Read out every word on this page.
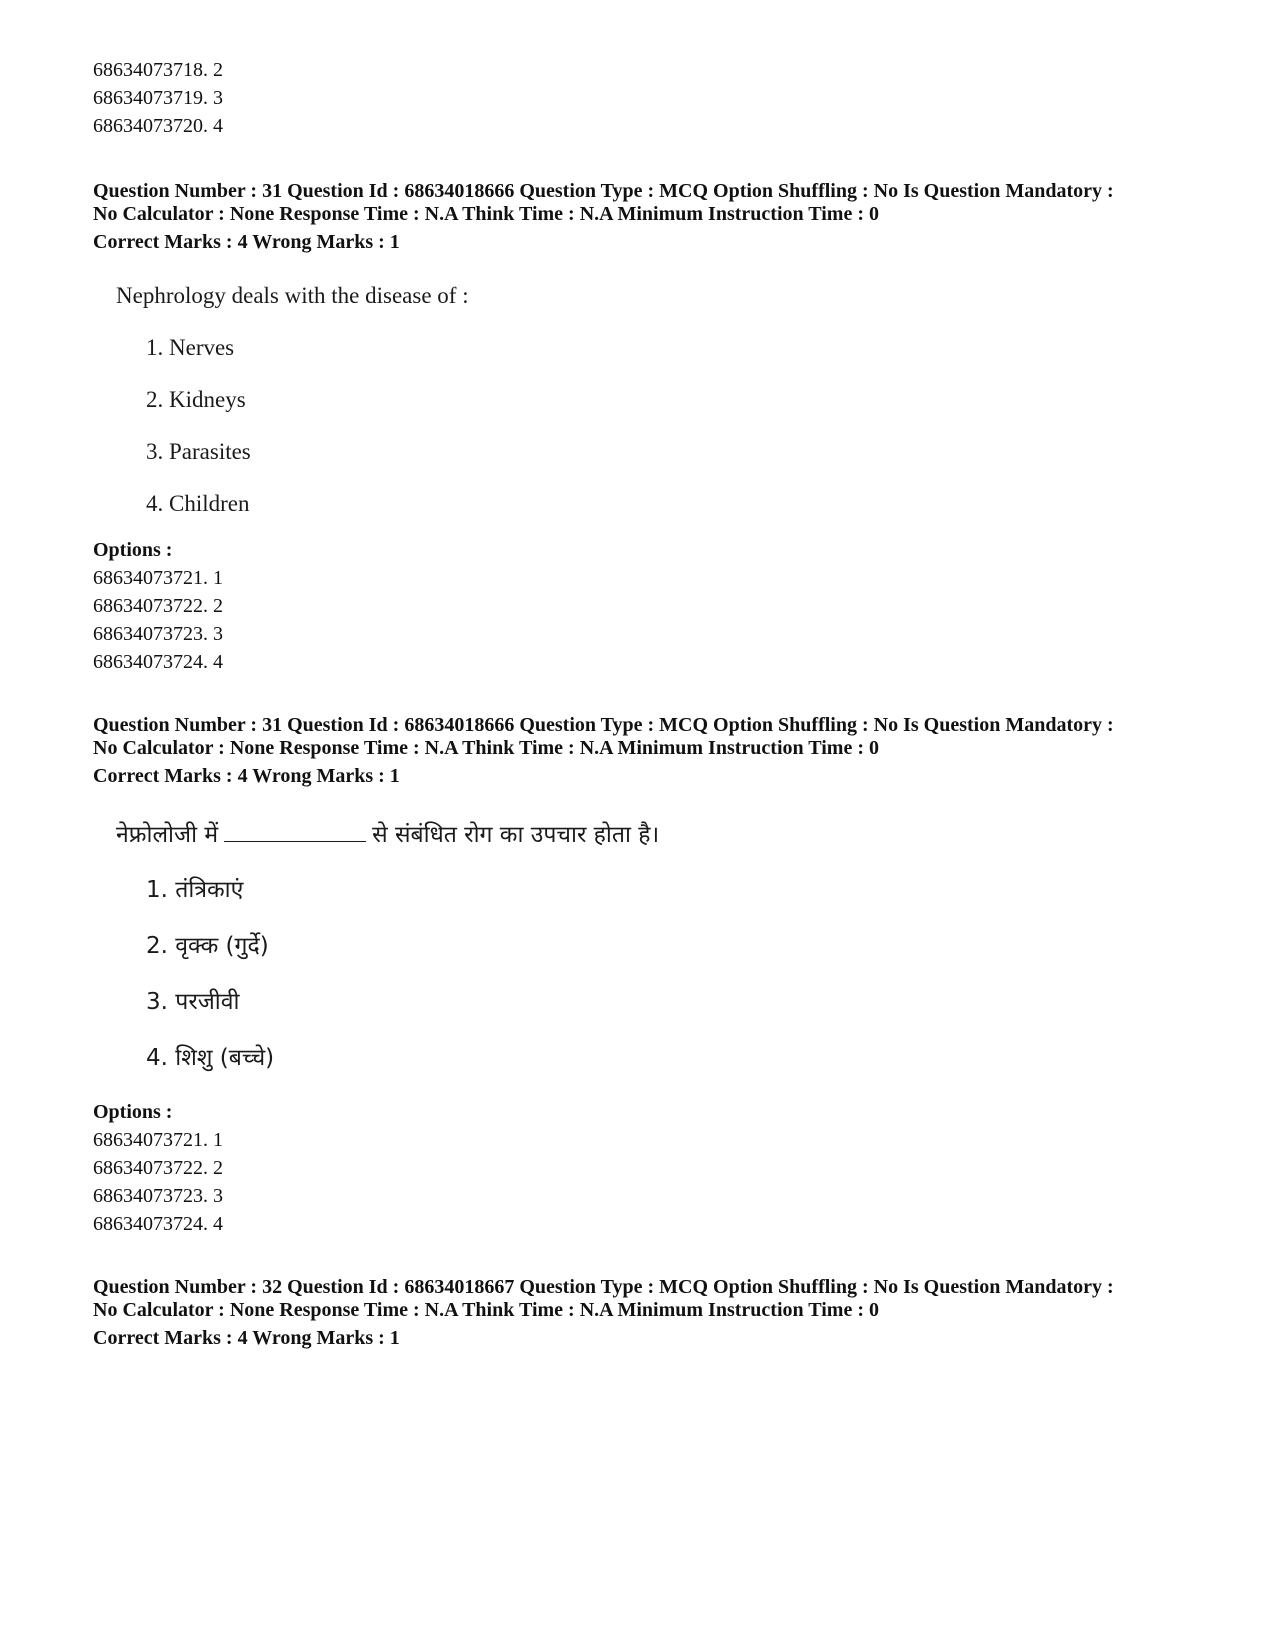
68634073718. 2
68634073719. 3
68634073720. 4
Question Number : 31 Question Id : 68634018666 Question Type : MCQ Option Shuffling : No Is Question Mandatory :
No Calculator : None Response Time : N.A Think Time : N.A Minimum Instruction Time : 0
Correct Marks : 4 Wrong Marks : 1
Nephrology deals with the disease of :
1. Nerves
2. Kidneys
3. Parasites
4. Children
Options :
68634073721. 1
68634073722. 2
68634073723. 3
68634073724. 4
Question Number : 31 Question Id : 68634018666 Question Type : MCQ Option Shuffling : No Is Question Mandatory :
No Calculator : None Response Time : N.A Think Time : N.A Minimum Instruction Time : 0
Correct Marks : 4 Wrong Marks : 1
नेफ्रोलोजी में	से संबंधित रोग का उपचार होता है।
1. तंत्रिकाएं
2. वृक्क (गुर्दे)
3. परजीवी
4. शिशु (बच्चे)
Options :
68634073721. 1
68634073722. 2
68634073723. 3
68634073724. 4
Question Number : 32 Question Id : 68634018667 Question Type : MCQ Option Shuffling : No Is Question Mandatory :
No Calculator : None Response Time : N.A Think Time : N.A Minimum Instruction Time : 0
Correct Marks : 4 Wrong Marks : 1
